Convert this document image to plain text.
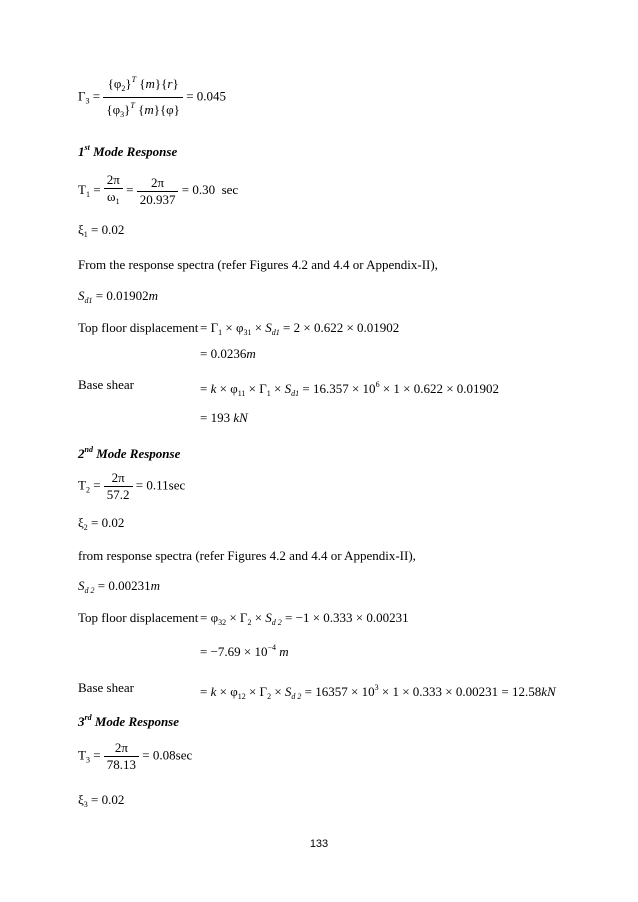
$\Gamma_3 = \frac{\{\varphi_2\}^T \{m\}\{r\}}{\{\varphi_3\}^T \{m\}\{\varphi\}} = 0.045$
1st Mode Response
$T_1 = \frac{2\pi}{\omega_1} = \frac{2\pi}{20.937} = 0.30$ sec
$\xi_1 = 0.02$
From the response spectra (refer Figures 4.2 and 4.4 or Appendix-II),
$S_{d1} = 0.01902m$
Top floor displacement = $\Gamma_1 \times \varphi_{31} \times S_{d1} = 2 \times 0.622 \times 0.01902$
= 0.0236m
Base shear	= $k \times \varphi_{11} \times \Gamma_1 \times S_{d1} = 16.357 \times 10^6 \times 1 \times 0.622 \times 0.01902$
= 193 kN
2nd Mode Response
$T_2 = \frac{2\pi}{57.2} = 0.11\sec$
$\xi_2 = 0.02$
from response spectra (refer Figures 4.2 and 4.4 or Appendix-II),
$S_{d 2} = 0.00231m$
Top floor displacement = $\varphi_{32} \times \Gamma_2 \times S_{d 2} = -1 \times 0.333 \times 0.00231$
= $-7.69 \times 10^{-4}$ m
Base shear	= $k \times \varphi_{12} \times \Gamma_2 \times S_{d 2} = 16357 \times 10^3 \times 1 \times 0.333 \times 0.00231 = 12.58kN$
3rd Mode Response
$T_3 = \frac{2\pi}{78.13} = 0.08\sec$
$\xi_3 = 0.02$
133
